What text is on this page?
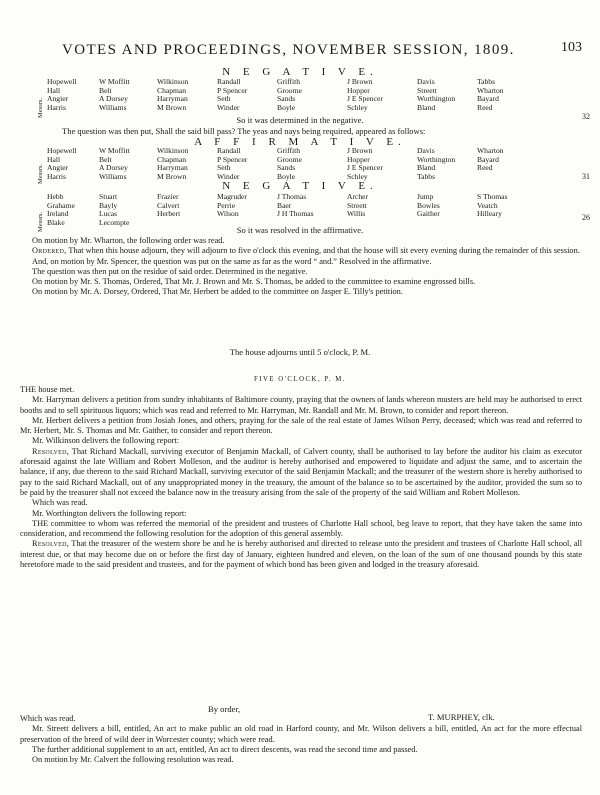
VOTES AND PROCEEDINGS, NOVEMBER SESSION, 1809.	103
N E G A T I V E.
Messrs.
Hopewell
Hall
Angier
Harris
W Moffitt
Belt
A Dorsey
Williams
Wilkinson
Chapman
Harryman
M Brown
Randall
P Spencer
Seth
Winder
Griffith
Groome
Sands
Boyle
J Brown
Hopper
J E Spencer
Schley
Davis
Streett
Worthington
Bland
Tabbs
Wharton
Bayard
Reed
32
So it was determined in the negative.
The question was then put, Shall the said bill pass? The yeas and nays being required, appeared as follows:
A F F I R M A T I V E.
Messrs.
Hopewell
Hall
Angier
Harris
W Moffitt
Belt
A Dorsey
Williams
Wilkinson
Chapman
Harryman
M Brown
Randall
P Spencer
Seth
Winder
Griffith
Groome
Sands
Boyle
J Brown
Hopper
J E Spencer
Schley
Davis
Worthington
Bland
Tabbs
Wharton
Bayard
Reed
31
N E G A T I V E.
Messrs.
Hebb
Grahame
Ireland
Blake
Stuart
Bayly
Lucas
Lecompte
Frazier
Calvert
Herbert
Magruder
Perrie
Wilson
J Thomas
Baer
J H Thomas
Archer
Streett
Willis
Jump
Bowles
Gaither
S Thomas
Veatch
Hilleary	26
So it was resolved in the affirmative.

On motion by Mr. Wharton, the following order was read.

Ordered, That when this house adjourn, they will adjourn to five o'clock this evening, and that the house will sit every evening during the remainder of this session.

And, on motion by Mr. Spencer, the question was put on the same as far as the word “ and.” Resolved in the affirmative.

The question was then put on the residue of said order. Determined in the negative.

On motion by Mr. S. Thomas, Ordered, That Mr. J. Brown and Mr. S. Thomas, be added to the committee to examine engrossed bills.

On motion by Mr. A. Dorsey, Ordered, That Mr. Herbert be added to the committee on Jasper E. Tilly's petition.

The house adjourns until 5 o'clock, P. M.
FIVE O'CLOCK, P. M.

THE house met.

Mr. Harryman delivers a petition from sundry inhabitants of Baltimore county, praying that the owners of lands whereon musters are held may be authorised to erect booths and to sell spirituous liquors; which was read and referred to Mr. Harryman, Mr. Randall and Mr. M. Brown, to consider and report thereon.

Mr. Herbert delivers a petition from Josiah Jones, and others, praying for the sale of the real estate of James Wilson Perry, deceased; which was read and referred to Mr. Herbert, Mr. S. Thomas and Mr. Gaither, to consider and report thereon.

Mr. Wilkinson delivers the following report:

Resolved, That Richard Mackall, surviving executor of Benjamin Mackall, of Calvert county, shall be authorised to lay before the auditor his claim as executor aforesaid against the late William and Robert Molleson, and the auditor is hereby authorised and empowered to liquidate and adjust the same, and to ascertain the balance, if any, due thereon to the said Richard Mackall, surviving executor of the said Benjamin Mackall; and the treasurer of the western shore is hereby authorised to pay to the said Richard Mackall, out of any unappropriated money in the treasury, the amount of the balance so to be ascertained by the auditor, provided the sum so to be paid by the treasurer shall not exceed the balance now in the treasury arising from the sale of the property of the said William and Robert Molleson.

Which was read.

Mr. Worthington delivers the following report:

THE committee to whom was referred the memorial of the president and trustees of Charlotte Hall school, beg leave to report, that they have taken the same into consideration, and recommend the following resolution for the adoption of this general assembly.

Resolved, That the treasurer of the western shore be and he is hereby authorised and directed to release unto the president and trustees of Charlotte Hall school, all interest due, or that may become due on or before the first day of January, eighteen hundred and eleven, on the loan of the sum of one thousand pounds by this state heretofore made to the said president and trustees, and for the payment of which bond has been given and lodged in the treasury aforesaid.

By order,
T. MURPHEY, clk.

Which was read.

Mr. Streett delivers a bill, entitled, An act to make public an old road in Harford county, and Mr. Wilson delivers a bill, entitled, An act for the more effectual preservation of the breed of wild deer in Worcester county; which were read.

The further additional supplement to an act, entitled, An act to direct descents, was read the second time and passed.

On motion by Mr. Calvert the following resolution was read.
